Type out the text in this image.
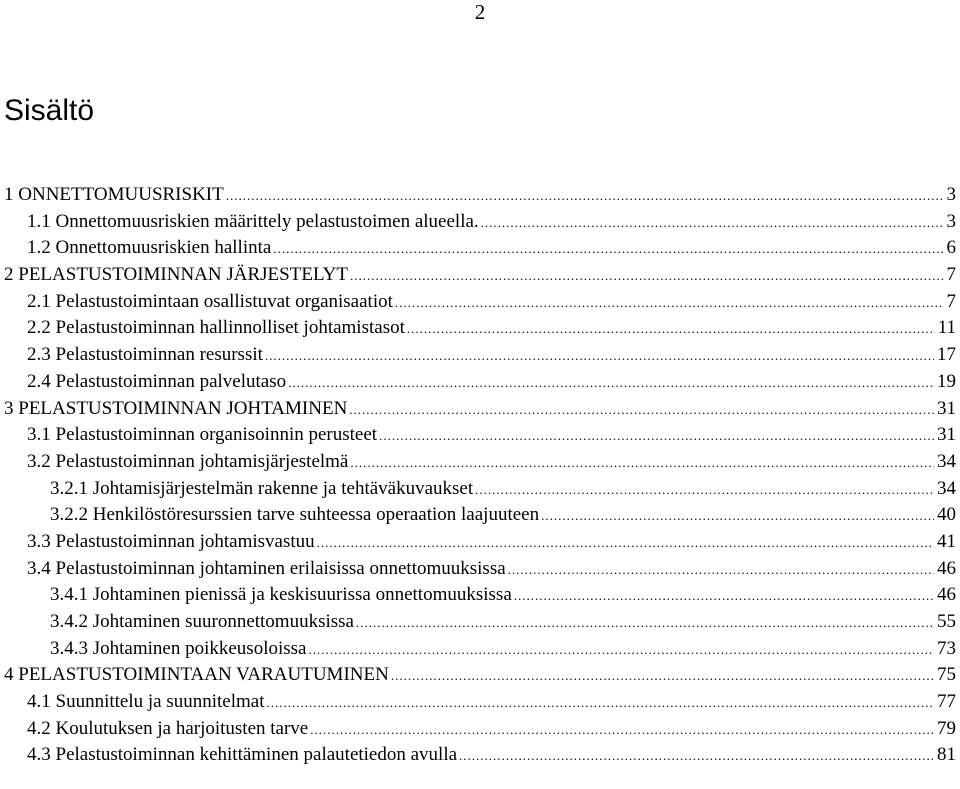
2
Sisältö
1 ONNETTOMUUSRISKIT .....	3
1.1 Onnettomuusriskien määrittely pelastustoimen alueella. .....	3
1.2 Onnettomuusriskien hallinta .....	6
2 PELASTUSTOIMINNAN JÄRJESTELYT .....	7
2.1 Pelastustoimintaan osallistuvat organisaatiot .....	7
2.2 Pelastustoiminnan hallinnolliset johtamistasot .....	11
2.3 Pelastustoiminnan resurssit .....	17
2.4 Pelastustoiminnan palvelutaso .....	19
3 PELASTUSTOIMINNAN JOHTAMINEN .....	31
3.1 Pelastustoiminnan organisoinnin perusteet .....	31
3.2 Pelastustoiminnan johtamisjärjestelmä .....	34
3.2.1 Johtamisjärjestelmän rakenne ja tehtäväkuvaukset .....	34
3.2.2 Henkilöstöresurssien tarve suhteessa operaation laajuuteen .....	40
3.3 Pelastustoiminnan johtamisvastuu .....	41
3.4 Pelastustoiminnan johtaminen erilaisissa onnettomuuksissa .....	46
3.4.1 Johtaminen pienissä ja keskisuurissa onnettomuuksissa .....	46
3.4.2 Johtaminen suuronnettomuuksissa .....	55
3.4.3 Johtaminen poikkeusoloissa .....	73
4 PELASTUSTOIMINTAAN VARAUTUMINEN .....	75
4.1 Suunnittelu ja suunnitelmat .....	77
4.2 Koulutuksen ja harjoitusten tarve .....	79
4.3 Pelastustoiminnan kehittäminen palautetiedon avulla .....	81
